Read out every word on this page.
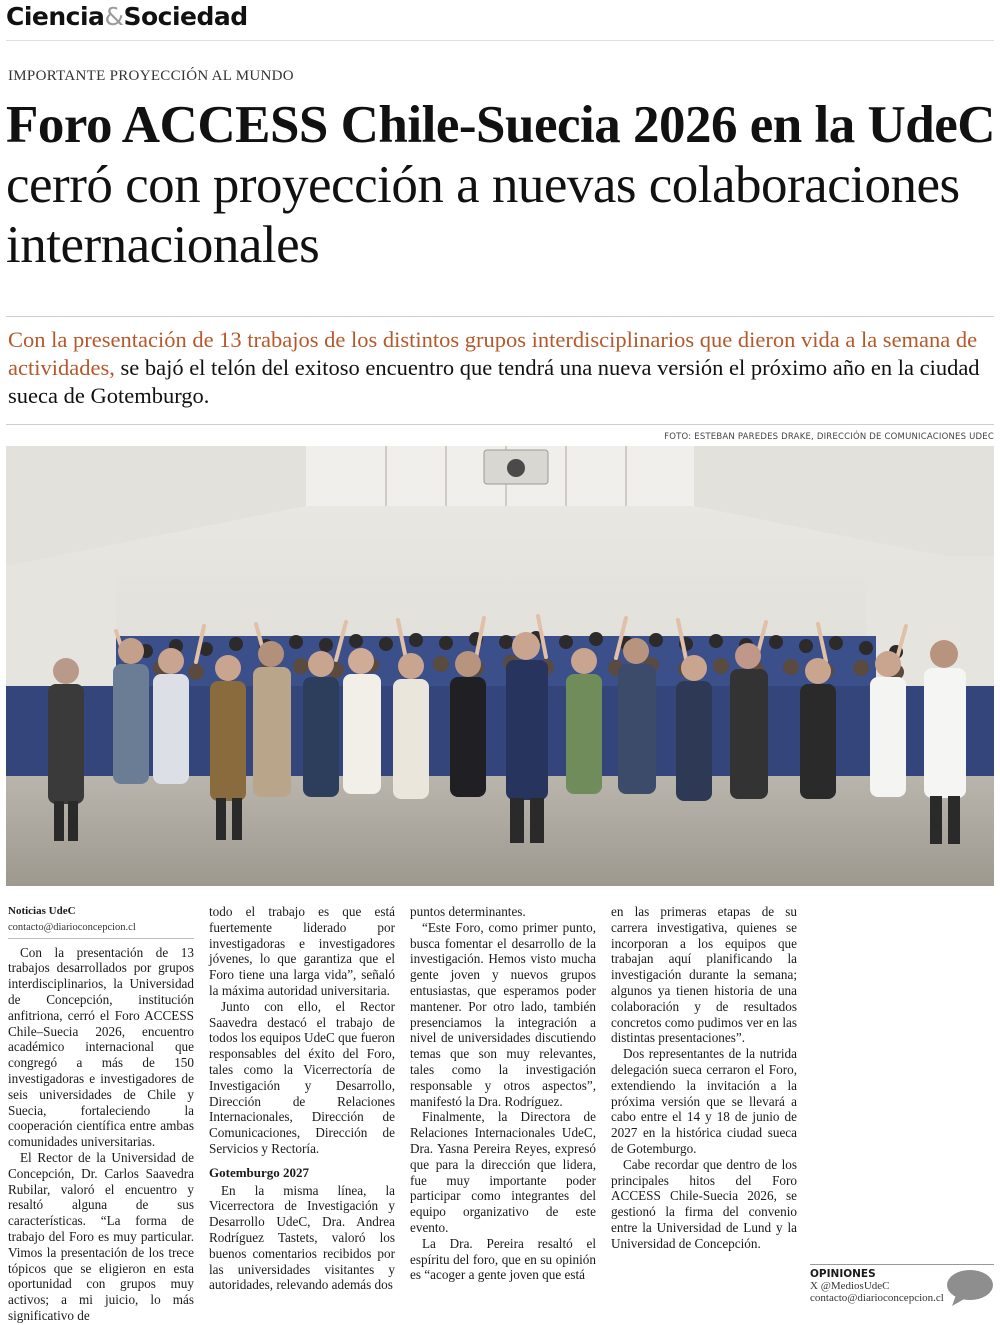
Ciencia&Sociedad
IMPORTANTE PROYECCIÓN AL MUNDO
Foro ACCESS Chile-Suecia 2026 en la UdeC cerró con proyección a nuevas colaboraciones internacionales
Con la presentación de 13 trabajos de los distintos grupos interdisciplinarios que dieron vida a la semana de actividades, se bajó el telón del exitoso encuentro que tendrá una nueva versión el próximo año en la ciudad sueca de Gotemburgo.
FOTO: ESTEBAN PAREDES DRAKE, DIRECCIÓN DE COMUNICACIONES UDEC
Noticias UdeC
contacto@diarioconcepcion.cl

Con la presentación de 13 trabajos desarrollados por grupos interdisciplinarios, la Universidad de Concepción, institución anfitriona, cerró el Foro ACCESS Chile–Suecia 2026, encuentro académico internacional que congregó a más de 150 investigadoras e investigadores de seis universidades de Chile y Suecia, fortaleciendo la cooperación científica entre ambas comunidades universitarias.

El Rector de la Universidad de Concepción, Dr. Carlos Saavedra Rubilar, valoró el encuentro y resaltó alguna de sus características. “La forma de trabajo del Foro es muy particular. Vimos la presentación de los trece tópicos que se eligieron en esta oportunidad con grupos muy activos; a mi juicio, lo más significativo de

todo el trabajo es que está fuertemente liderado por investigadoras e investigadores jóvenes, lo que garantiza que el Foro tiene una larga vida”, señaló la máxima autoridad universitaria.

Junto con ello, el Rector Saavedra destacó el trabajo de todos los equipos UdeC que fueron responsables del éxito del Foro, tales como la Vicerrectoría de Investigación y Desarrollo, Dirección de Relaciones Internacionales, Dirección de Comunicaciones, Dirección de Servicios y Rectoría.

Gotemburgo 2027

En la misma línea, la Vicerrectora de Investigación y Desarrollo UdeC, Dra. Andrea Rodríguez Tastets, valoró los buenos comentarios recibidos por las universidades visitantes y autoridades, relevando además dos

puntos determinantes.

“Este Foro, como primer punto, busca fomentar el desarrollo de la investigación. Hemos visto mucha gente joven y nuevos grupos entusiastas, que esperamos poder mantener. Por otro lado, también presenciamos la integración a nivel de universidades discutiendo temas que son muy relevantes, tales como la investigación responsable y otros aspectos”, manifestó la Dra. Rodríguez.

Finalmente, la Directora de Relaciones Internacionales UdeC, Dra. Yasna Pereira Reyes, expresó que para la dirección que lidera, fue muy importante poder participar como integrantes del equipo organizativo de este evento.

La Dra. Pereira resaltó el espíritu del foro, que en su opinión es “acoger a gente joven que está

en las primeras etapas de su carrera investigativa, quienes se incorporan a los equipos que trabajan aquí planificando la investigación durante la semana; algunos ya tienen historia de una colaboración y de resultados concretos como pudimos ver en las distintas presentaciones”.

Dos representantes de la nutrida delegación sueca cerraron el Foro, extendiendo la invitación a la próxima versión que se llevará a cabo entre el 14 y 18 de junio de 2027 en la histórica ciudad sueca de Gotemburgo.

Cabe recordar que dentro de los principales hitos del Foro ACCESS Chile-Suecia 2026, se gestionó la firma del convenio entre la Universidad de Lund y la Universidad de Concepción.

OPINIONES
X @MediosUdeC
contacto@diarioconcepcion.cl
